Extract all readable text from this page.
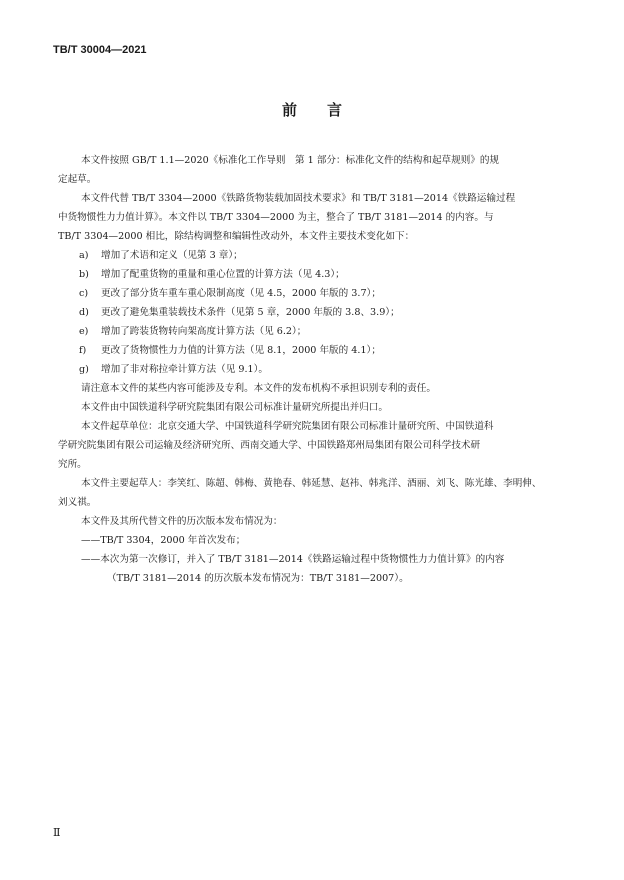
TB/T 30004—2021
前言
本文件按照 GB/T 1.1—2020《标准化工作导则　第 1 部分：标准化文件的结构和起草规则》的规
定起草。
本文件代替 TB/T 3304—2000《铁路货物装载加固技术要求》和 TB/T 3181—2014《铁路运输过程
中货物惯性力力值计算》。本文件以 TB/T 3304—2000 为主，整合了 TB/T 3181—2014 的内容。与
TB/T 3304—2000 相比，除结构调整和编辑性改动外，本文件主要技术变化如下：
a) 增加了术语和定义（见第 3 章）；
b) 增加了配重货物的重量和重心位置的计算方法（见 4.3）；
c) 更改了部分货车重车重心限制高度（见 4.5，2000 年版的 3.7）；
d) 更改了避免集重装载技术条件（见第 5 章，2000 年版的 3.8、3.9）；
e) 增加了跨装货物转向架高度计算方法（见 6.2）；
f) 更改了货物惯性力力值的计算方法（见 8.1，2000 年版的 4.1）；
g) 增加了非对称拉牵计算方法（见 9.1）。
请注意本文件的某些内容可能涉及专利。本文件的发布机构不承担识别专利的责任。
本文件由中国铁道科学研究院集团有限公司标准计量研究所提出并归口。
本文件起草单位：北京交通大学、中国铁道科学研究院集团有限公司标准计量研究所、中国铁道科
学研究院集团有限公司运输及经济研究所、西南交通大学、中国铁路郑州局集团有限公司科学技术研
究所。
本文件主要起草人：李笑红、陈超、韩梅、黄艳春、韩延慧、赵祎、韩兆洋、酒丽、刘飞、陈光雄、李明伸、
刘义祺。
本文件及其所代替文件的历次版本发布情况为：
——TB/T 3304，2000 年首次发布；
——本次为第一次修订，并入了 TB/T 3181—2014《铁路运输过程中货物惯性力力值计算》的内容
（TB/T 3181—2014 的历次版本发布情况为：TB/T 3181—2007）。
Ⅱ
